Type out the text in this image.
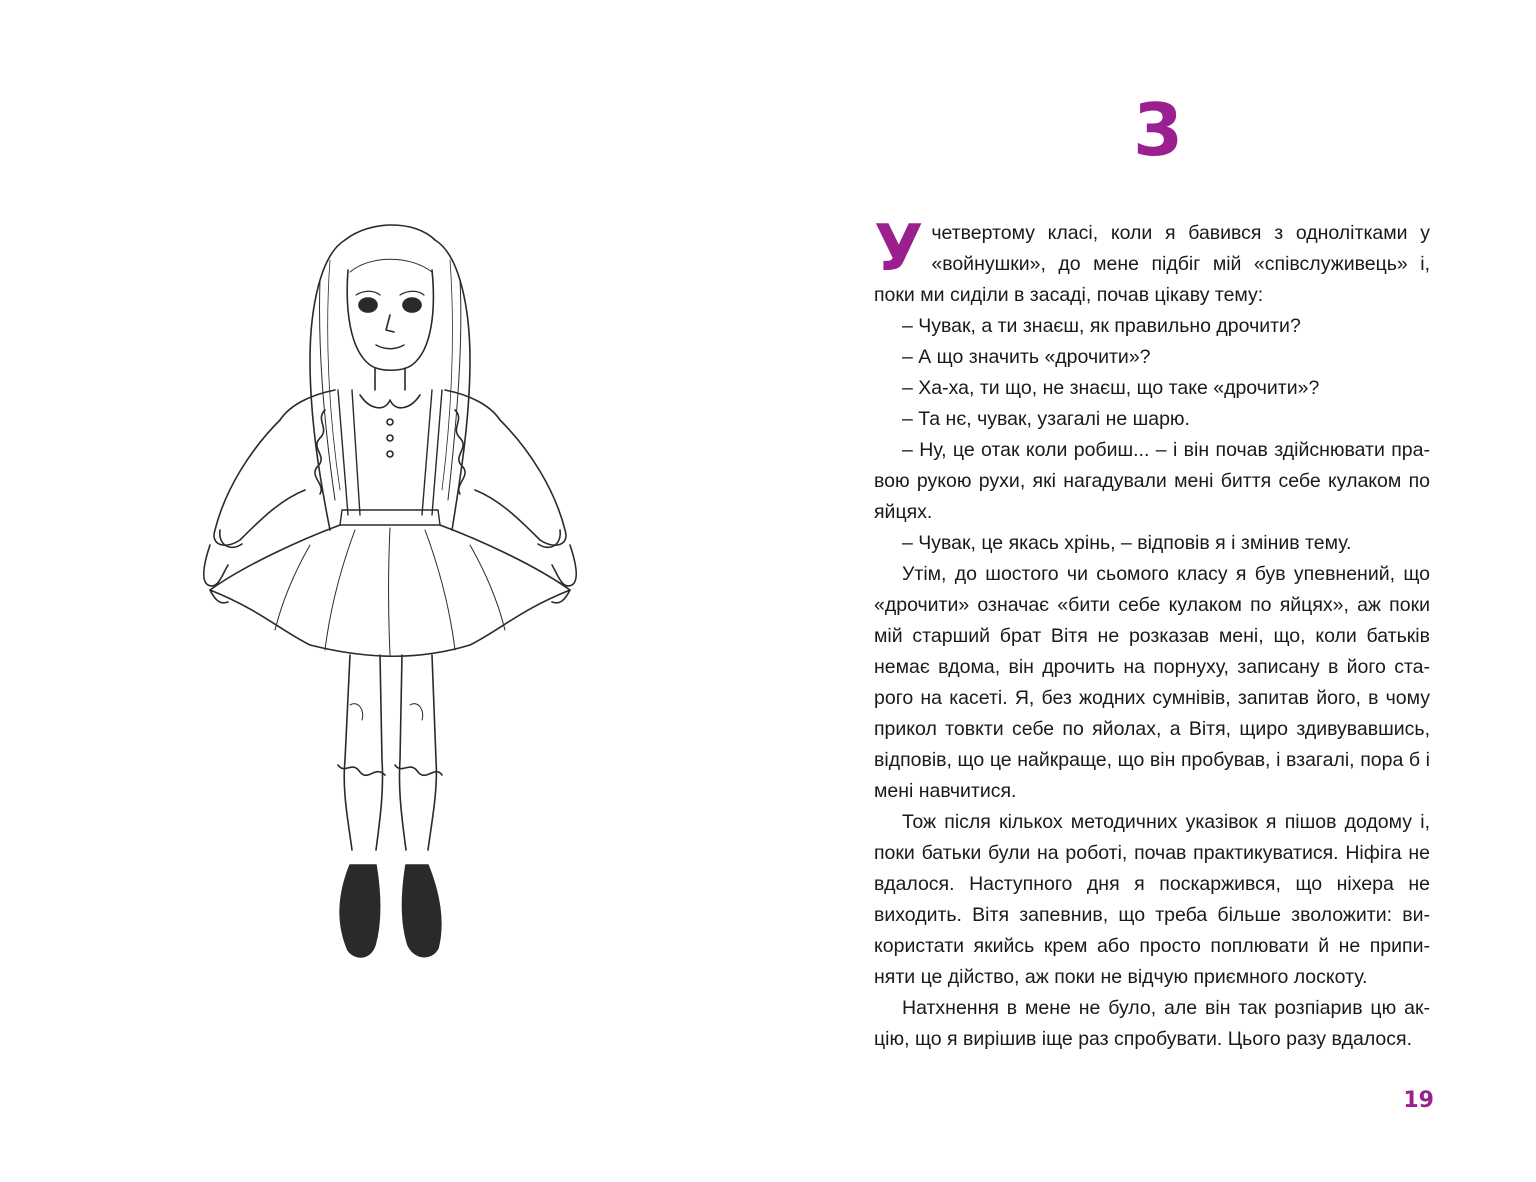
3

У четвертому класі, коли я бавився з однолітками у «войнушки», до мене підбіг мій «співслуживець» і, поки ми сиділи в засаді, почав цікаву тему:

– Чувак, а ти знаєш, як правильно дрочити?

– А що значить «дрочити»?

– Ха-ха, ти що, не знаєш, що таке «дрочити»?

– Та нє, чувак, узагалі не шарю.

– Ну, це отак коли робиш... – і він почав здійснювати правою рукою рухи, які нагадували мені биття себе кулаком по яйцях.

– Чувак, це якась хрінь, – відповів я і змінив тему.

Утім, до шостого чи сьомого класу я був упевнений, що «дрочити» означає «бити себе кулаком по яйцях», аж поки мій старший брат Вітя не розказав мені, що, коли батьків немає вдома, він дрочить на порнуху, записану в його старого на касеті. Я, без жодних сумнівів, запитав його, в чому прикол товкти себе по яйолах, а Вітя, щиро здивувавшись, відповів, що це найкраще, що він пробував, і взагалі, пора б і мені навчитися.

Тож після кількох методичних указівок я пішов додому і, поки батьки були на роботі, почав практикуватися. Ніфіга не вдалося. Наступного дня я поскаржився, що ніхера не виходить. Вітя запевнив, що треба більше зволожити: використати якийсь крем або просто поплювати й не припиняти це дійство, аж поки не відчую приємного лоскоту.

Натхнення в мене не було, але він так розпіарив цю акцію, що я вирішив іще раз спробувати. Цього разу вдалося.

19
